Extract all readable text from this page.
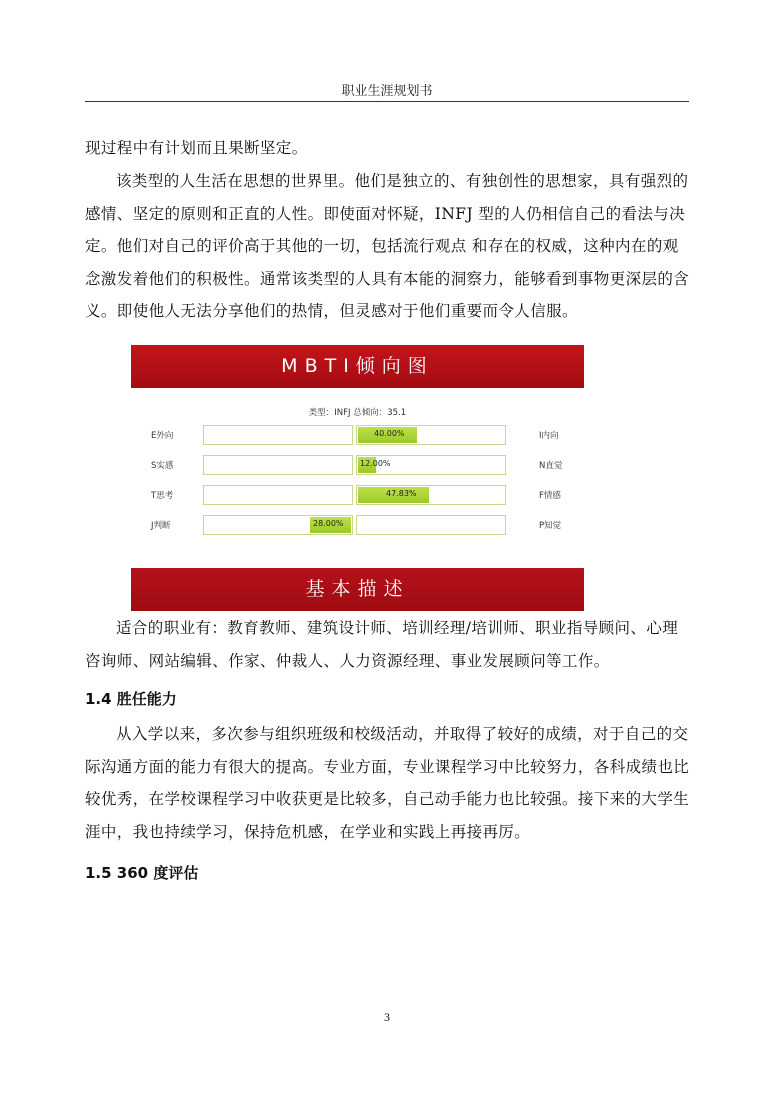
职业生涯规划书

现过程中有计划而且果断坚定。

该类型的人生活在思想的世界里。他们是独立的、有独创性的思想家，具有强烈的感情、坚定的原则和正直的人性。即使面对怀疑，INFJ 型的人仍相信自己的看法与决定。他们对自己的评价高于其他的一切，包括流行观点 和存在的权威，这种内在的观念激发着他们的积极性。通常该类型的人具有本能的洞察力，能够看到事物更深层的含义。即使他人无法分享他们的热情，但灵感对于他们重要而令人信服。

MBTI倾向图
类型：INFJ 总倾向：35.1
E外向	40.00%	I内向
S实感	12.00%	N直觉
T思考	47.83%	F情感
J判断	28.00%	P知觉
基本描述

适合的职业有：教育教师、建筑设计师、培训经理/培训师、职业指导顾问、心理咨询师、网站编辑、作家、仲裁人、人力资源经理、事业发展顾问等工作。

1.4 胜任能力

从入学以来，多次参与组织班级和校级活动，并取得了较好的成绩，对于自己的交际沟通方面的能力有很大的提高。专业方面，专业课程学习中比较努力，各科成绩也比较优秀，在学校课程学习中收获更是比较多，自己动手能力也比较强。接下来的大学生涯中，我也持续学习，保持危机感，在学业和实践上再接再厉。

1.5 360 度评估
3
